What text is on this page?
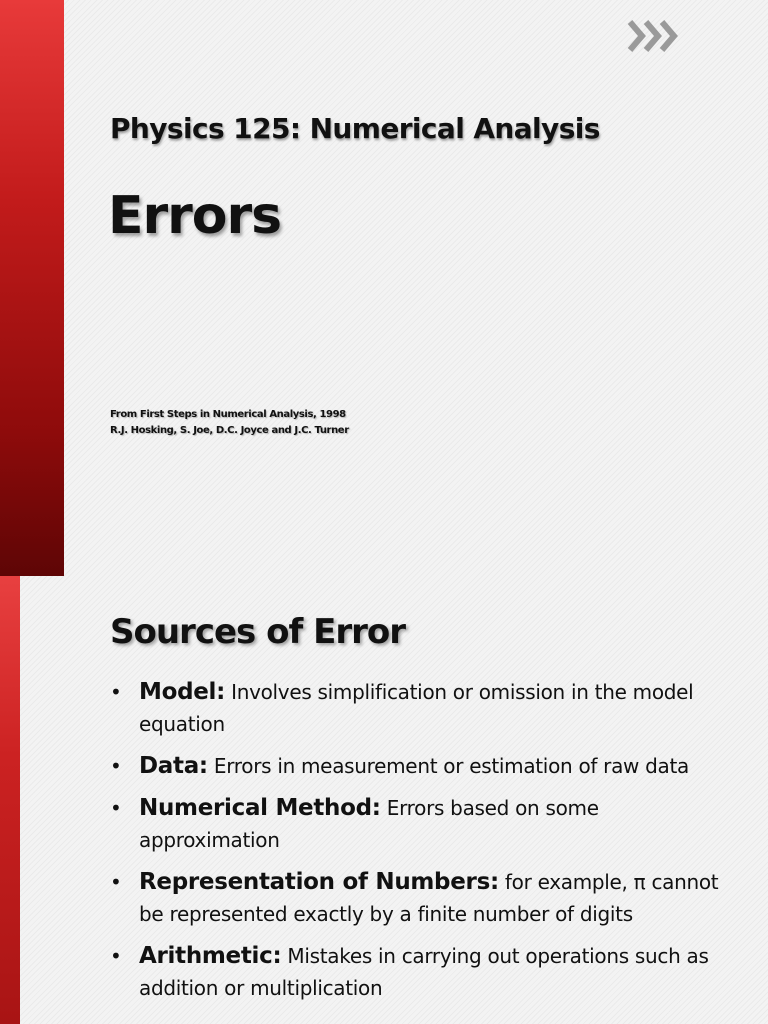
Physics 125: Numerical Analysis
Errors
From First Steps in Numerical Analysis, 1998
R.J. Hosking, S. Joe, D.C. Joyce and J.C. Turner
Sources of Error
• Model: Involves simplification or omission in the model equation
• Data: Errors in measurement or estimation of raw data
• Numerical Method: Errors based on some approximation
• Representation of Numbers: for example, π cannot be represented exactly by a finite number of digits
• Arithmetic: Mistakes in carrying out operations such as addition or multiplication
